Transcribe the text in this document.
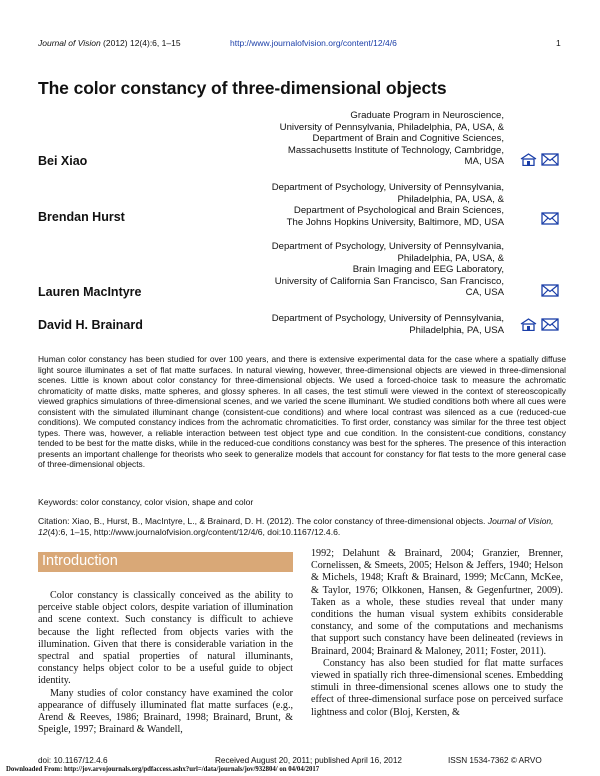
Journal of Vision (2012) 12(4):6, 1–15	http://www.journalofvision.org/content/12/4/6	1
The color constancy of three-dimensional objects
Bei Xiao
Graduate Program in Neuroscience,
University of Pennsylvania, Philadelphia, PA, USA, &
Department of Brain and Cognitive Sciences,
Massachusetts Institute of Technology, Cambridge,
MA, USA
Brendan Hurst
Department of Psychology, University of Pennsylvania,
Philadelphia, PA, USA, &
Department of Psychological and Brain Sciences,
The Johns Hopkins University, Baltimore, MD, USA
Lauren MacIntyre
Department of Psychology, University of Pennsylvania,
Philadelphia, PA, USA, &
Brain Imaging and EEG Laboratory,
University of California San Francisco, San Francisco,
CA, USA
David H. Brainard	Department of Psychology, University of Pennsylvania,
Philadelphia, PA, USA
Human color constancy has been studied for over 100 years, and there is extensive experimental data for the case where a spatially diffuse light source illuminates a set of flat matte surfaces. In natural viewing, however, three-dimensional objects are viewed in three-dimensional scenes. Little is known about color constancy for three-dimensional objects. We used a forced-choice task to measure the achromatic chromaticity of matte disks, matte spheres, and glossy spheres. In all cases, the test stimuli were viewed in the context of stereoscopically viewed graphics simulations of three-dimensional scenes, and we varied the scene illuminant. We studied conditions both where all cues were consistent with the simulated illuminant change (consistent-cue conditions) and where local contrast was silenced as a cue (reduced-cue conditions). We computed constancy indices from the achromatic chromaticities. To first order, constancy was similar for the three test object types. There was, however, a reliable interaction between test object type and cue condition. In the consistent-cue conditions, constancy tended to be best for the matte disks, while in the reduced-cue conditions constancy was best for the spheres. The presence of this interaction presents an important challenge for theorists who seek to generalize models that account for constancy for flat tests to the more general case of three-dimensional objects.
Keywords: color constancy, color vision, shape and color
Citation: Xiao, B., Hurst, B., MacIntyre, L., & Brainard, D. H. (2012). The color constancy of three-dimensional objects. Journal of Vision, 12(4):6, 1–15, http://www.journalofvision.org/content/12/4/6, doi:10.1167/12.4.6.
Introduction

Color constancy is classically conceived as the ability to perceive stable object colors, despite variation of illumination and scene context. Such constancy is difficult to achieve because the light reflected from objects varies with the illumination. Given that there is considerable variation in the spectral and spatial properties of natural illuminants, constancy helps object color to be a useful guide to object identity.

Many studies of color constancy have examined the color appearance of diffusely illuminated flat matte surfaces (e.g., Arend & Reeves, 1986; Brainard, 1998; Brainard, Brunt, & Speigle, 1997; Brainard & Wandell,

1992; Delahunt & Brainard, 2004; Granzier, Brenner, Cornelissen, & Smeets, 2005; Helson & Jeffers, 1940; Helson & Michels, 1948; Kraft & Brainard, 1999; McCann, McKee, & Taylor, 1976; Olkkonen, Hansen, & Gegenfurtner, 2009). Taken as a whole, these studies reveal that under many conditions the human visual system exhibits considerable constancy, and some of the computations and mechanisms that support such constancy have been delineated (reviews in Brainard, 2004; Brainard & Maloney, 2011; Foster, 2011).

Constancy has also been studied for flat matte surfaces viewed in spatially rich three-dimensional scenes. Embedding stimuli in three-dimensional scenes allows one to study the effect of three-dimensional surface pose on perceived surface lightness and color (Bloj, Kersten, &

doi: 10.1167/12.4.6	Received August 20, 2011; published April 16, 2012	ISSN 1534-7362 © ARVO
Downloaded From: http://jov.arvojournals.org/pdfaccess.ashx?url=/data/journals/jov/932804/ on 04/04/2017
